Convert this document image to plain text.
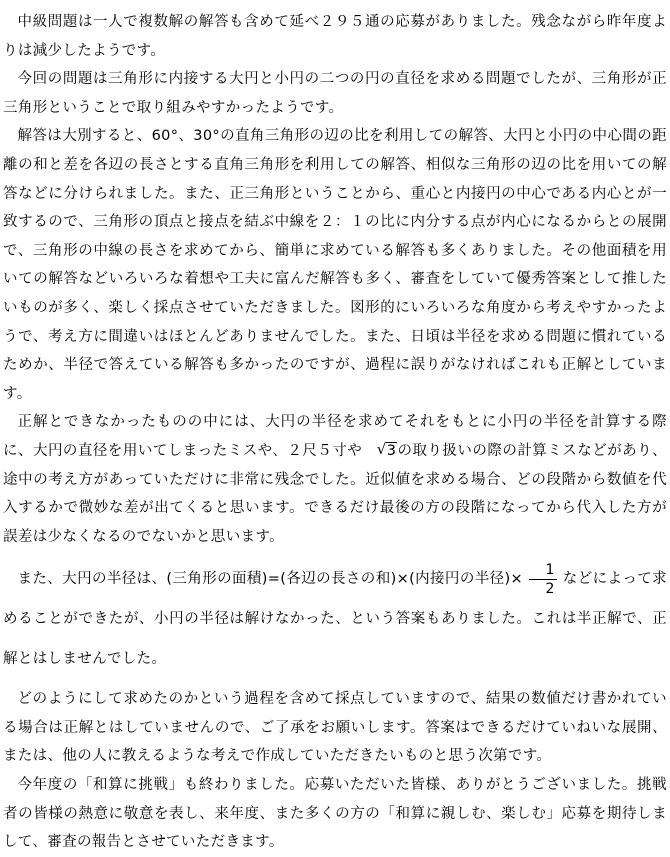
中級問題は一人で複数解の解答も含めて延べ２９５通の応募がありました。残念ながら昨年度よりは減少したようです。

今回の問題は三角形に内接する大円と小円の二つの円の直径を求める問題でしたが、三角形が正三角形ということで取り組みやすかったようです。

解答は大別すると、60°、30°の直角三角形の辺の比を利用しての解答、大円と小円の中心間の距離の和と差を各辺の長さとする直角三角形を利用しての解答、相似な三角形の辺の比を用いての解答などに分けられました。また、正三角形ということから、重心と内接円の中心である内心とが一致するので、三角形の頂点と接点を結ぶ中線を２：１の比に内分する点が内心になるからとの展開で、三角形の中線の長さを求めてから、簡単に求めている解答も多くありました。その他面積を用いての解答などいろいろな着想や工夫に富んだ解答も多く、審査をしていて優秀答案として推したいものが多く、楽しく採点させていただきました。図形的にいろいろな角度から考えやすかったようで、考え方に間違いはほとんどありませんでした。また、日頃は半径を求める問題に慣れているためか、半径で答えている解答も多かったのですが、過程に誤りがなければこれも正解としています。

正解とできなかったものの中には、大円の半径を求めてそれをもとに小円の半径を計算する際に、大円の直径を用いてしまったミスや、２尺５寸や √ 3の取り扱いの際の計算ミスなどがあり、途中の考え方があっていただけに非常に残念でした。近似値を求める場合、どの段階から数値を代入するかで微妙な差が出てくると思います。できるだけ最後の方の段階になってから代入した方が誤差は少なくなるのでないかと思います。

また、大円の半径は、(三角形の面積)=(各辺の長さの和)×(内接円の半径)× $\frac{1}{2}$ などによって求めることができたが、小円の半径は解けなかった、という答案もありました。これは半正解で、正解とはしませんでした。

どのようにして求めたのかという過程を含めて採点していますので、結果の数値だけ書かれている場合は正解とはしていませんので、ご了承をお願いします。答案はできるだけていねいな展開、または、他の人に教えるような考えで作成していただきたいものと思う次第です。

今年度の「和算に挑戦」も終わりました。応募いただいた皆様、ありがとうございました。挑戦者の皆様の熱意に敬意を表し、来年度、また多くの方の「和算に親しむ、楽しむ」応募を期待しまして、審査の報告とさせていただきます。
